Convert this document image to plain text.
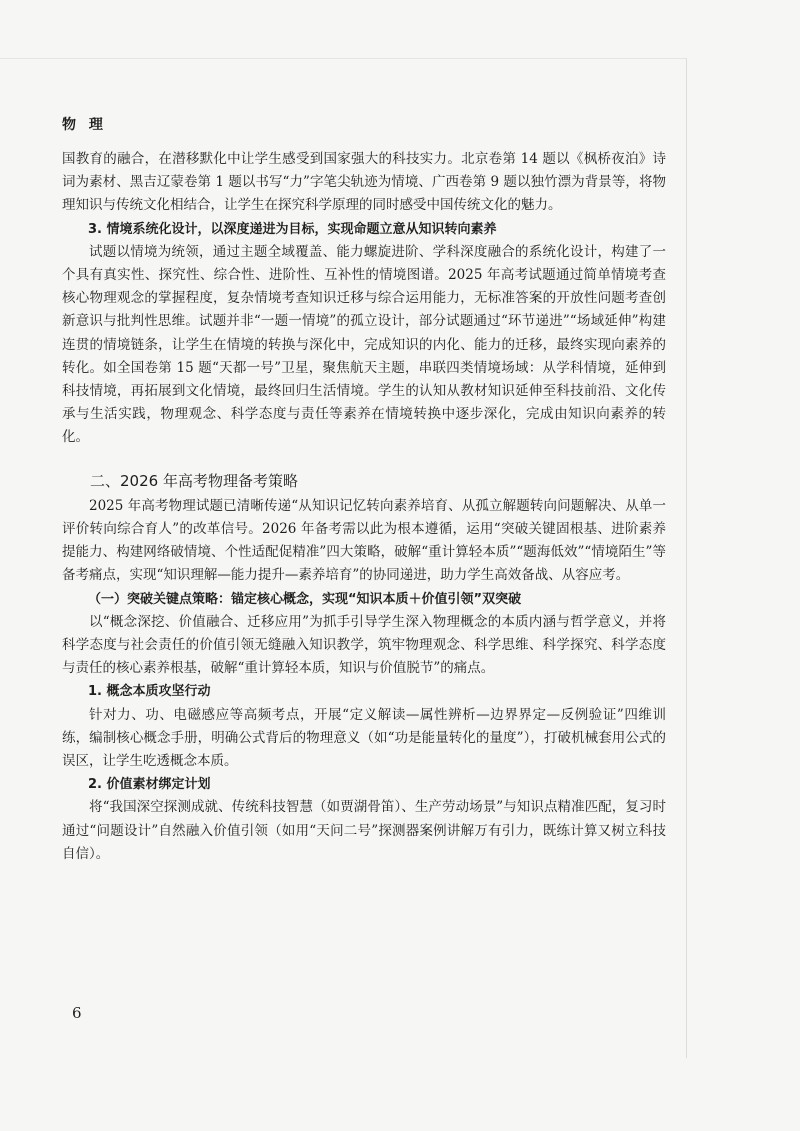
物 理

国教育的融合，在潜移默化中让学生感受到国家强大的科技实力。北京卷第 14 题以《枫桥夜泊》诗词为素材、黑吉辽蒙卷第 1 题以书写“力”字笔尖轨迹为情境、广西卷第 9 题以独竹漂为背景等，将物理知识与传统文化相结合，让学生在探究科学原理的同时感受中国传统文化的魅力。

3. 情境系统化设计，以深度递进为目标，实现命题立意从知识转向素养

试题以情境为统领，通过主题全域覆盖、能力螺旋进阶、学科深度融合的系统化设计，构建了一个具有真实性、探究性、综合性、进阶性、互补性的情境图谱。2025 年高考试题通过简单情境考查核心物理观念的掌握程度，复杂情境考查知识迁移与综合运用能力，无标准答案的开放性问题考查创新意识与批判性思维。试题并非“一题一情境”的孤立设计，部分试题通过“环节递进”“场域延伸”构建连贯的情境链条，让学生在情境的转换与深化中，完成知识的内化、能力的迁移，最终实现向素养的转化。如全国卷第 15 题“天都一号”卫星，聚焦航天主题，串联四类情境场域：从学科情境，延伸到科技情境，再拓展到文化情境，最终回归生活情境。学生的认知从教材知识延伸至科技前沿、文化传承与生活实践，物理观念、科学态度与责任等素养在情境转换中逐步深化，完成由知识向素养的转化。

二、2026 年高考物理备考策略

2025 年高考物理试题已清晰传递“从知识记忆转向素养培育、从孤立解题转向问题解决、从单一评价转向综合育人”的改革信号。2026 年备考需以此为根本遵循，运用“突破关键固根基、进阶素养提能力、构建网络破情境、个性适配促精准”四大策略，破解“重计算轻本质”“题海低效”“情境陌生”等备考痛点，实现“知识理解—能力提升—素养培育”的协同递进，助力学生高效备战、从容应考。

（一）突破关键点策略：锚定核心概念，实现“知识本质＋价值引领”双突破

以“概念深挖、价值融合、迁移应用”为抓手引导学生深入物理概念的本质内涵与哲学意义，并将科学态度与社会责任的价值引领无缝融入知识教学，筑牢物理观念、科学思维、科学探究、科学态度与责任的核心素养根基，破解“重计算轻本质，知识与价值脱节”的痛点。

1. 概念本质攻坚行动

针对力、功、电磁感应等高频考点，开展“定义解读—属性辨析—边界界定—反例验证”四维训练，编制核心概念手册，明确公式背后的物理意义（如“功是能量转化的量度”），打破机械套用公式的误区，让学生吃透概念本质。

2. 价值素材绑定计划

将“我国深空探测成就、传统科技智慧（如贾湖骨笛）、生产劳动场景”与知识点精准匹配，复习时通过“问题设计”自然融入价值引领（如用“天问二号”探测器案例讲解万有引力，既练计算又树立科技自信）。

6
